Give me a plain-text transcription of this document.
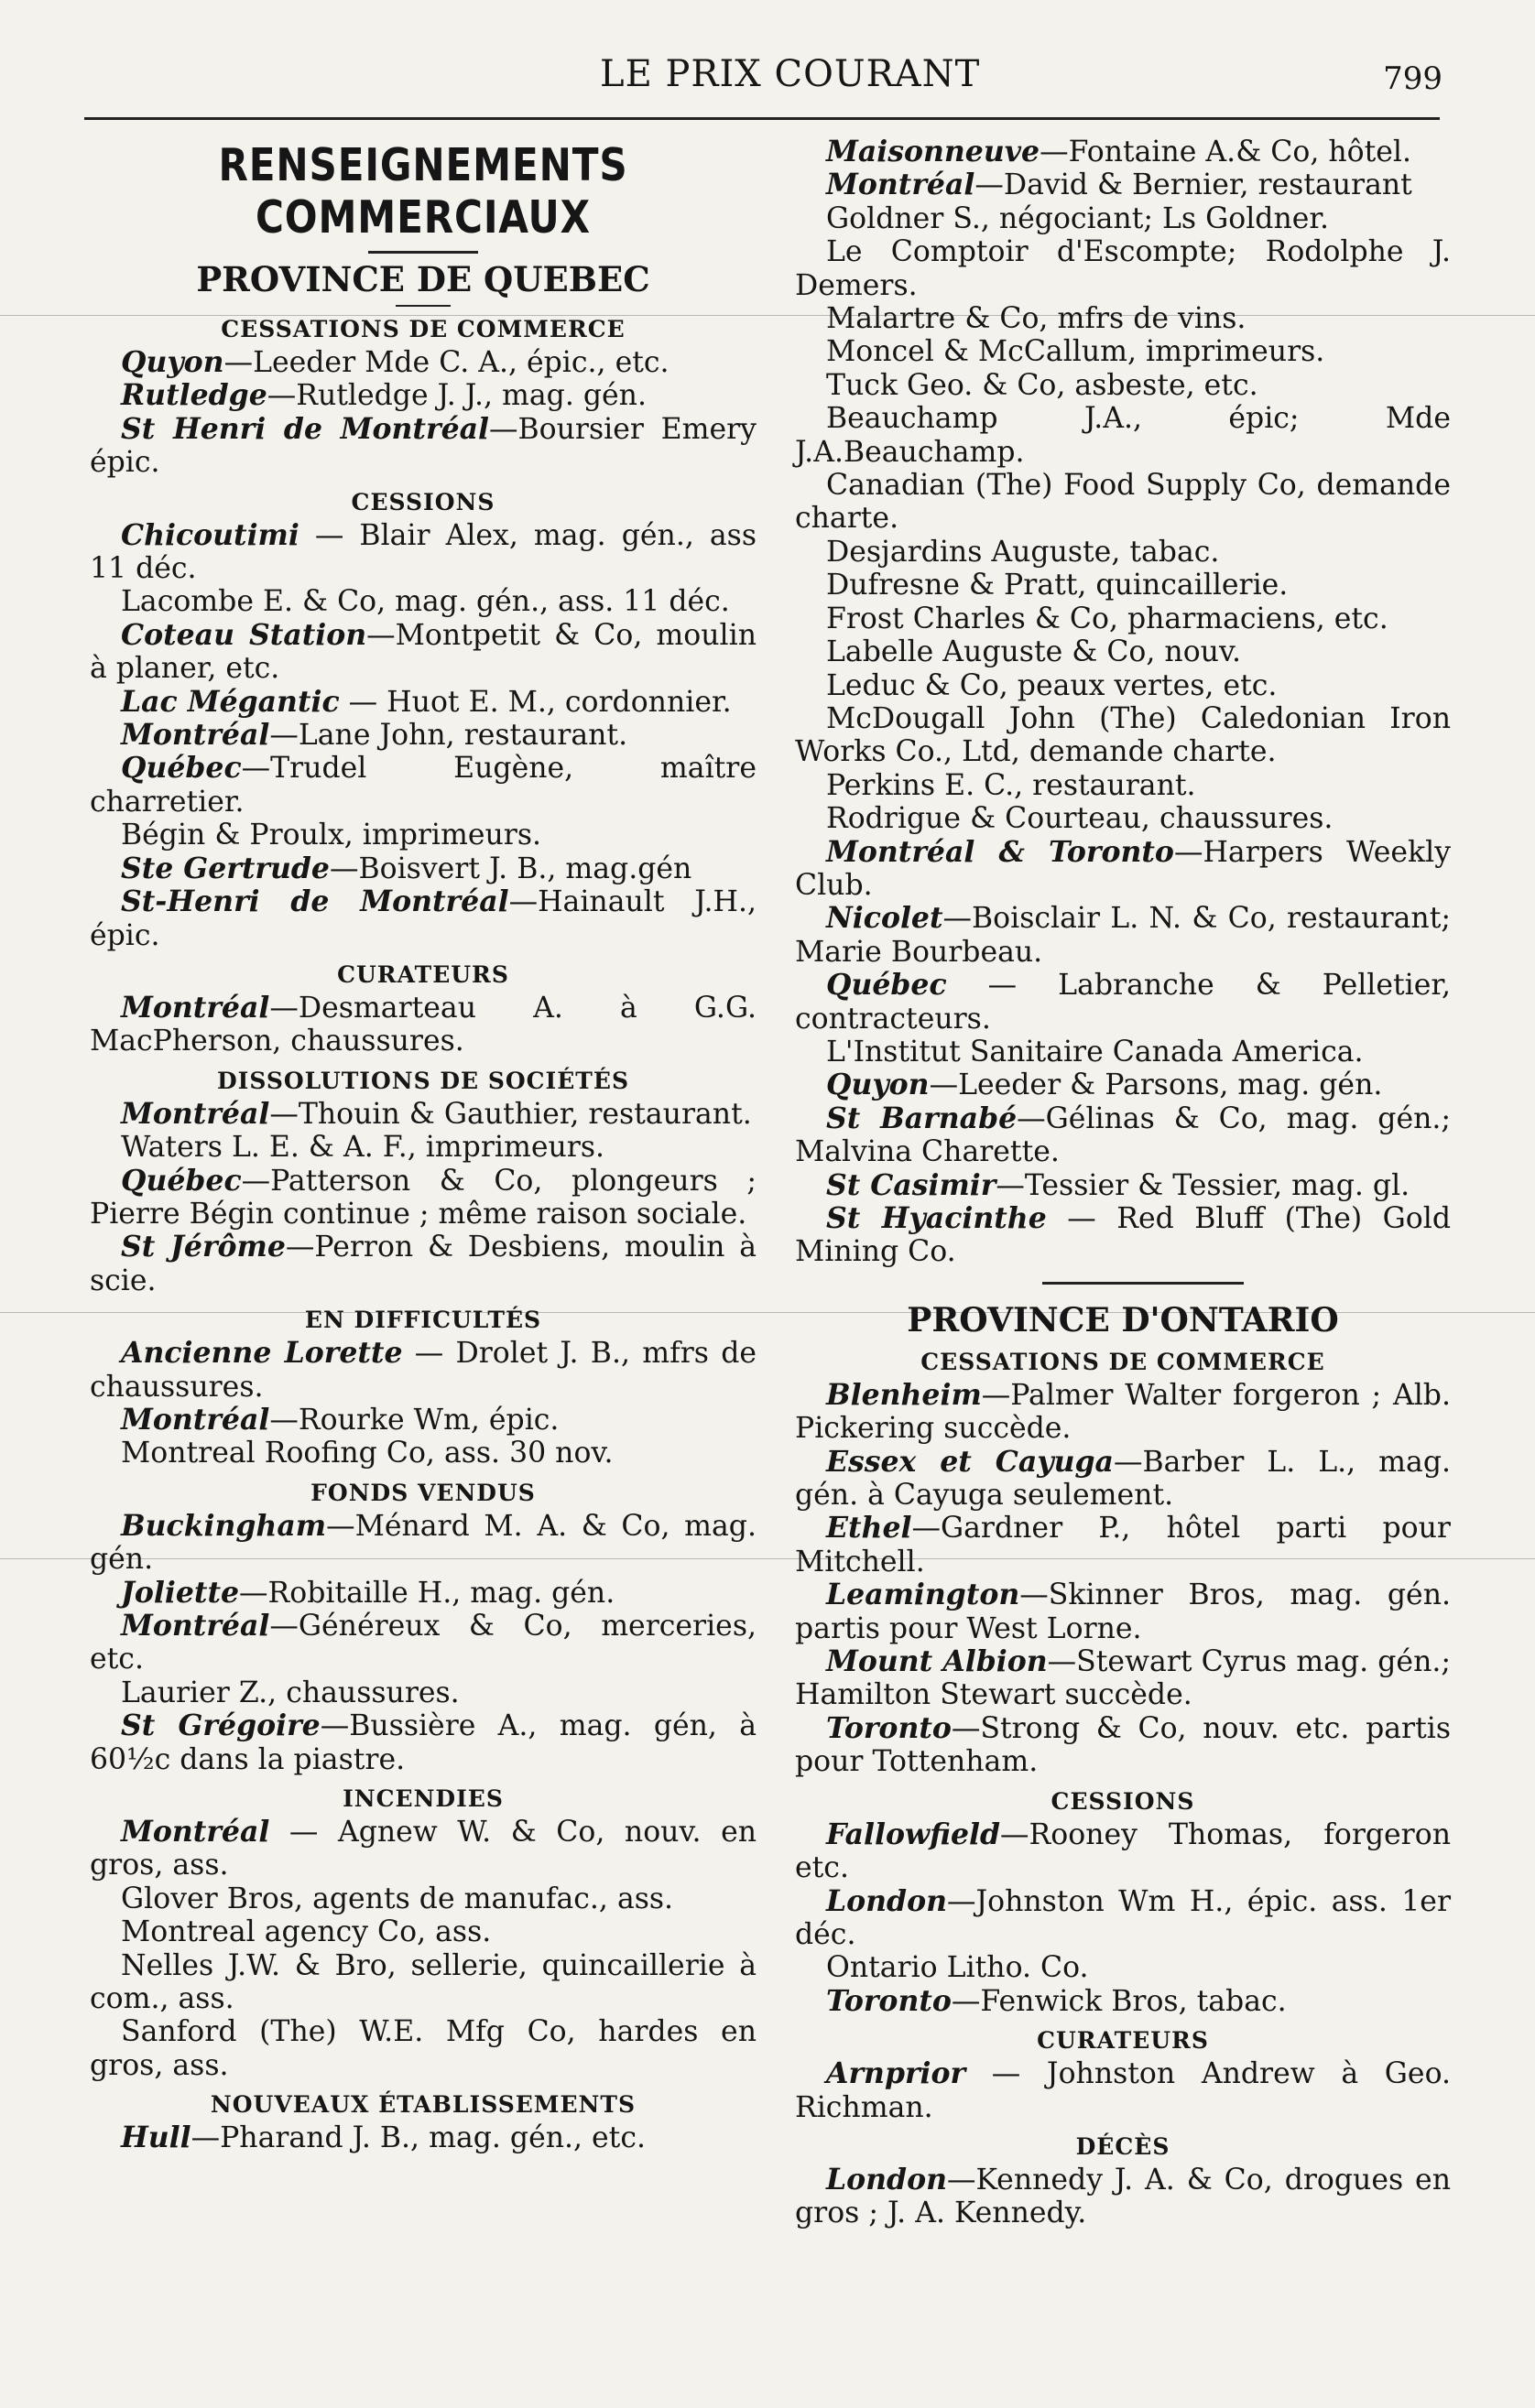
LE PRIX COURANT	799
RENSEIGNEMENTS COMMERCIAUX
PROVINCE DE QUEBEC
CESSATIONS DE COMMERCE

Quyon—Leeder Mde C. A., épic., etc.

Rutledge—Rutledge J. J., mag. gén.

St Henri de Montréal—Boursier Emery épic.

CESSIONS

Chicoutimi — Blair Alex, mag. gén., ass 11 déc.

Lacombe E. & Co, mag. gén., ass. 11 déc.

Coteau Station—Montpetit & Co, moulin à planer, etc.

Lac Mégantic — Huot E. M., cordonnier.

Montréal—Lane John, restaurant.

Québec—Trudel Eugène, maître charretier.

Bégin & Proulx, imprimeurs.

Ste Gertrude—Boisvert J. B., mag.gén

St-Henri de Montréal—Hainault J.H., épic.

CURATEURS

Montréal—Desmarteau A. à G.G. MacPherson, chaussures.

DISSOLUTIONS DE SOCIÉTÉS

Montréal—Thouin & Gauthier, restaurant.

Waters L. E. & A. F., imprimeurs.

Québec—Patterson & Co, plongeurs ; Pierre Bégin continue ; même raison sociale.

St Jérôme—Perron & Desbiens, moulin à scie.

EN DIFFICULTÉS

Ancienne Lorette — Drolet J. B., mfrs de chaussures.

Montréal—Rourke Wm, épic.

Montreal Roofing Co, ass. 30 nov.

FONDS VENDUS

Buckingham—Ménard M. A. & Co, mag. gén.

Joliette—Robitaille H., mag. gén.

Montréal—Généreux & Co, merceries, etc.

Laurier Z., chaussures.

St Grégoire—Bussière A., mag. gén, à 60½c dans la piastre.

INCENDIES

Montréal — Agnew W. & Co, nouv. en gros, ass.

Glover Bros, agents de manufac., ass.

Montreal agency Co, ass.

Nelles J.W. & Bro, sellerie, quincaillerie à com., ass.

Sanford (The) W.E. Mfg Co, hardes en gros, ass.

NOUVEAUX ÉTABLISSEMENTS

Hull—Pharand J. B., mag. gén., etc.

Maisonneuve—Fontaine A.& Co, hôtel.

Montréal—David & Bernier, restaurant

Goldner S., négociant; Ls Goldner.

Le Comptoir d'Escompte; Rodolphe J. Demers.

Malartre & Co, mfrs de vins.

Moncel & McCallum, imprimeurs.

Tuck Geo. & Co, asbeste, etc.

Beauchamp J.A., épic; Mde J.A.Beauchamp.

Canadian (The) Food Supply Co, demande charte.

Desjardins Auguste, tabac.

Dufresne & Pratt, quincaillerie.

Frost Charles & Co, pharmaciens, etc.

Labelle Auguste & Co, nouv.

Leduc & Co, peaux vertes, etc.

McDougall John (The) Caledonian Iron Works Co., Ltd, demande charte.

Perkins E. C., restaurant.

Rodrigue & Courteau, chaussures.

Montréal & Toronto—Harpers Weekly Club.

Nicolet—Boisclair L. N. & Co, restaurant; Marie Bourbeau.

Québec — Labranche & Pelletier, contracteurs.

L'Institut Sanitaire Canada America.

Quyon—Leeder & Parsons, mag. gén.

St Barnabé—Gélinas & Co, mag. gén.; Malvina Charette.

St Casimir—Tessier & Tessier, mag. gl.

St Hyacinthe — Red Bluff (The) Gold Mining Co.

PROVINCE D'ONTARIO
CESSATIONS DE COMMERCE

Blenheim—Palmer Walter forgeron ; Alb. Pickering succède.

Essex et Cayuga—Barber L. L., mag. gén. à Cayuga seulement.

Ethel—Gardner P., hôtel parti pour Mitchell.

Leamington—Skinner Bros, mag. gén. partis pour West Lorne.

Mount Albion—Stewart Cyrus mag. gén.; Hamilton Stewart succède.

Toronto—Strong & Co, nouv. etc. partis pour Tottenham.

CESSIONS

Fallowfield—Rooney Thomas, forgeron etc.

London—Johnston Wm H., épic. ass. 1er déc.

Ontario Litho. Co.

Toronto—Fenwick Bros, tabac.

CURATEURS

Arnprior — Johnston Andrew à Geo. Richman.

DÉCÈS

London—Kennedy J. A. & Co, drogues en gros ; J. A. Kennedy.
